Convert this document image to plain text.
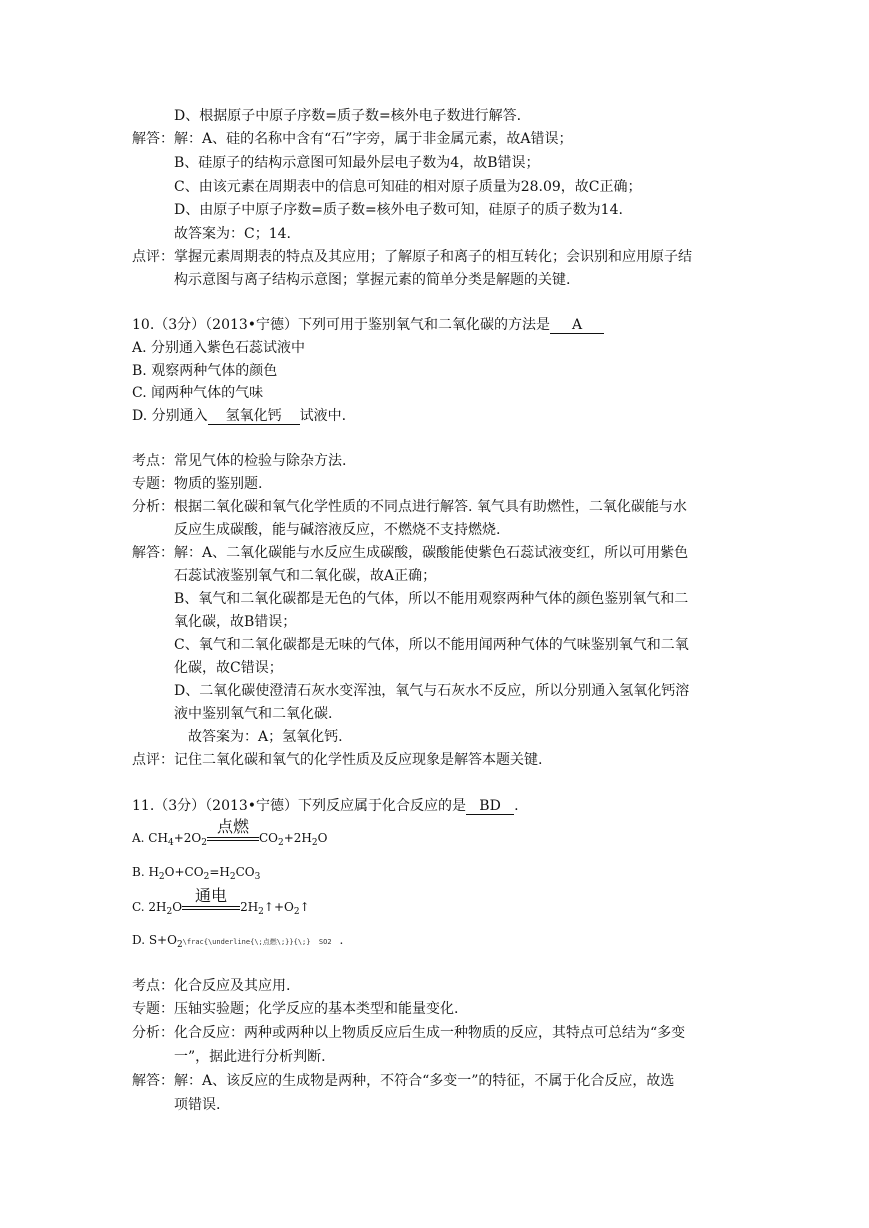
D、根据原子中原子序数=质子数=核外电子数进行解答.
解答：解：A、硅的名称中含有“石”字旁，属于非金属元素，故A错误；
B、硅原子的结构示意图可知最外层电子数为4，故B错误；
C、由该元素在周期表中的信息可知硅的相对原子质量为28.09，故C正确；
D、由原子中原子序数=质子数=核外电子数可知，硅原子的质子数为14.
故答案为：C；14.
点评：掌握元素周期表的特点及其应用；了解原子和离子的相互转化；会识别和应用原子结
构示意图与离子结构示意图；掌握元素的简单分类是解题的关键.
10.（3分）（2013•宁德）下列可用于鉴别氧气和二氧化碳的方法是  A
A. 分别通入紫色石蕊试液中
B. 观察两种气体的颜色
C. 闻两种气体的气味
D. 分别通入  氢氧化钙  试液中.
考点：常见气体的检验与除杂方法.
专题：物质的鉴别题.
分析：根据二氧化碳和氧气化学性质的不同点进行解答. 氧气具有助燃性，二氧化碳能与水
反应生成碳酸，能与碱溶液反应，不燃烧不支持燃烧.
解答：解：A、二氧化碳能与水反应生成碳酸，碳酸能使紫色石蕊试液变红，所以可用紫色
石蕊试液鉴别氧气和二氧化碳，故A正确；
B、氧气和二氧化碳都是无色的气体，所以不能用观察两种气体的颜色鉴别氧气和二
氧化碳，故B错误；
C、氧气和二氧化碳都是无味的气体，所以不能用闻两种气体的气味鉴别氧气和二氧
化碳，故C错误；
D、二氧化碳使澄清石灰水变浑浊，氧气与石灰水不反应，所以分别通入氢氧化钙溶
液中鉴别氧气和二氧化碳.
故答案为：A；氢氧化钙.
点评：记住二氧化碳和氧气的化学性质及反应现象是解答本题关键.
11.（3分）（2013•宁德）下列反应属于化合反应的是  BD  .
A. $CH_4+2O_2$
点燃
$CO_2+2H_2O$
B. $H_2O+CO_2=H_2CO_3$
C. $2H_2O$
通电
$2H_2↑+O_2↑$
D. $S+O_2\backslash frac\{\backslash underline\{\backslash$;点燃\;}}{\;}  SO2 .
考点：化合反应及其应用.
专题：压轴实验题；化学反应的基本类型和能量变化.
分析：化合反应：两种或两种以上物质反应后生成一种物质的反应，其特点可总结为“多变
一”，据此进行分析判断.
解答：解：A、该反应的生成物是两种，不符合“多变一”的特征，不属于化合反应，故选
项错误.
